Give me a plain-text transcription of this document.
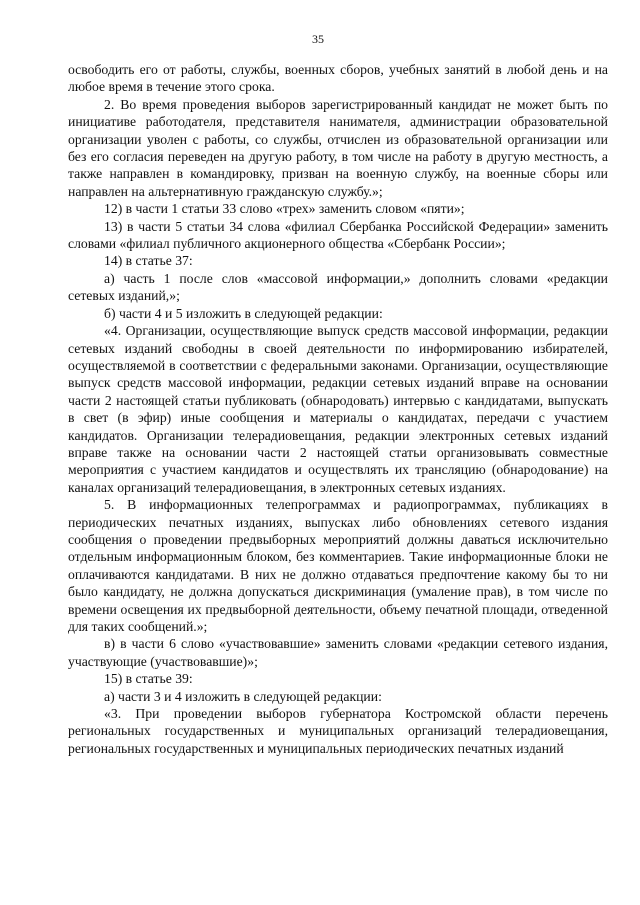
35

освободить его от работы, службы, военных сборов, учебных занятий в любой день и на любое время в течение этого срока.

2. Во время проведения выборов зарегистрированный кандидат не может быть по инициативе работодателя, представителя нанимателя, администрации образовательной организации уволен с работы, со службы, отчислен из образовательной организации или без его согласия переведен на другую работу, в том числе на работу в другую местность, а также направлен в командировку, призван на военную службу, на военные сборы или направлен на альтернативную гражданскую службу.»;

12) в части 1 статьи 33 слово «трех» заменить словом «пяти»;

13) в части 5 статьи 34 слова «филиал Сбербанка Российской Федерации» заменить словами «филиал публичного акционерного общества «Сбербанк России»;

14) в статье 37:

а) часть 1 после слов «массовой информации,» дополнить словами «редакции сетевых изданий,»;

б) части 4 и 5 изложить в следующей редакции:

«4. Организации, осуществляющие выпуск средств массовой информации, редакции сетевых изданий свободны в своей деятельности по информированию избирателей, осуществляемой в соответствии с федеральными законами. Организации, осуществляющие выпуск средств массовой информации, редакции сетевых изданий вправе на основании части 2 настоящей статьи публиковать (обнародовать) интервью с кандидатами, выпускать в свет (в эфир) иные сообщения и материалы о кандидатах, передачи с участием кандидатов. Организации телерадиовещания, редакции электронных сетевых изданий вправе также на основании части 2 настоящей статьи организовывать совместные мероприятия с участием кандидатов и осуществлять их трансляцию (обнародование) на каналах организаций телерадиовещания, в электронных сетевых изданиях.

5. В информационных телепрограммах и радиопрограммах, публикациях в периодических печатных изданиях, выпусках либо обновлениях сетевого издания сообщения о проведении предвыборных мероприятий должны даваться исключительно отдельным информационным блоком, без комментариев. Такие информационные блоки не оплачиваются кандидатами. В них не должно отдаваться предпочтение какому бы то ни было кандидату, не должна допускаться дискриминация (умаление прав), в том числе по времени освещения их предвыборной деятельности, объему печатной площади, отведенной для таких сообщений.»;

в) в части 6 слово «участвовавшие» заменить словами «редакции сетевого издания, участвующие (участвовавшие)»;

15) в статье 39:

а) части 3 и 4 изложить в следующей редакции:

«3. При проведении выборов губернатора Костромской области перечень региональных государственных и муниципальных организаций телерадиовещания, региональных государственных и муниципальных периодических печатных изданий
